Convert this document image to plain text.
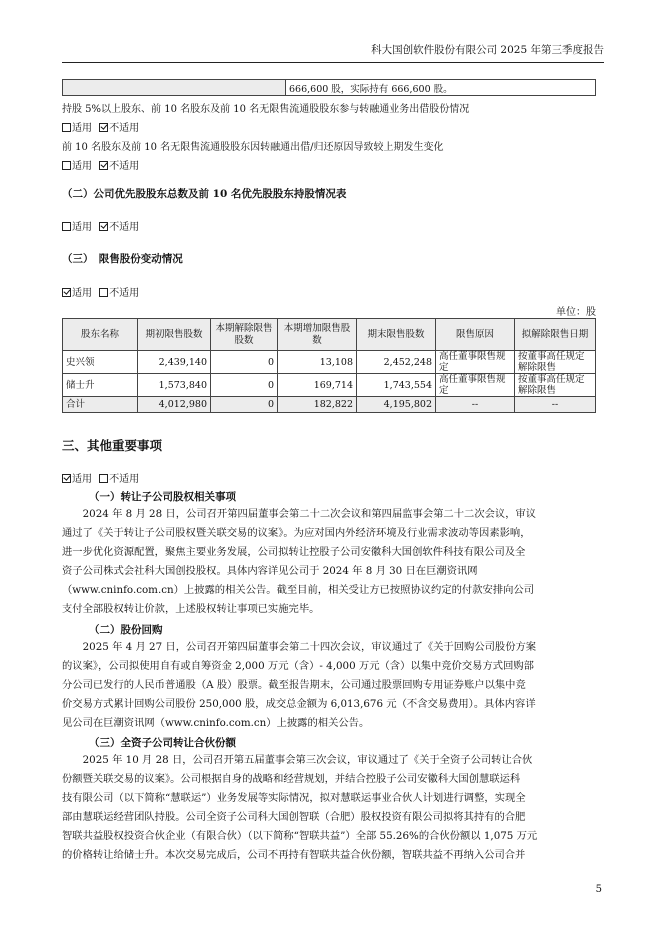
科大国创软件股份有限公司 2025 年第三季度报告
	666,600 股，实际持有 666,600 股。
持股 5%以上股东、前 10 名股东及前 10 名无限售流通股股东参与转融通业务出借股份情况
适用 不适用
前 10 名股东及前 10 名无限售流通股股东因转融通出借/归还原因导致较上期发生变化
适用 不适用
（二）公司优先股股东总数及前 10 名优先股股东持股情况表
适用 不适用
（三）　限售股份变动情况
适用 不适用
单位：股
股东名称	期初限售股数	本期解除限售股数	本期增加限售股数	期末限售股数	限售原因	拟解除限售日期
史兴领	2,439,140	0	13,108	2,452,248	高任董事限售规定	按董事高任规定解除限售
储士升	1,573,840	0	169,714	1,743,554	高任董事限售规定	按董事高任规定解除限售
合计	4,012,980	0	182,822	4,195,802	--	--
三、其他重要事项
适用 不适用
（一）转让子公司股权相关事项
2024 年 8 月 28 日，公司召开第四届董事会第二十二次会议和第四届监事会第二十二次会议，审议
通过了《关于转让子公司股权暨关联交易的议案》。为应对国内外经济环境及行业需求波动等因素影响，
进一步优化资源配置，聚焦主要业务发展，公司拟转让控股子公司安徽科大国创软件科技有限公司及全
资子公司株式会社科大国创投股权。具体内容详见公司于 2024 年 8 月 30 日在巨潮资讯网
（www.cninfo.com.cn）上披露的相关公告。截至目前，相关受让方已按照协议约定的付款安排向公司
支付全部股权转让价款，上述股权转让事项已实施完毕。
（二）股份回购
2025 年 4 月 27 日，公司召开第四届董事会第二十四次会议，审议通过了《关于回购公司股份方案
的议案》，公司拟使用自有或自筹资金 2,000 万元（含）- 4,000 万元（含）以集中竞价交易方式回购部
分公司已发行的人民币普通股（A 股）股票。截至报告期末，公司通过股票回购专用证券账户以集中竞
价交易方式累计回购公司股份 250,000 股，成交总金额为 6,013,676 元（不含交易费用）。具体内容详
见公司在巨潮资讯网（www.cninfo.com.cn）上披露的相关公告。
（三）全资子公司转让合伙份额
2025 年 10 月 28 日，公司召开第五届董事会第三次会议，审议通过了《关于全资子公司转让合伙
份额暨关联交易的议案》。公司根据自身的战略和经营规划，并结合控股子公司安徽科大国创慧联运科
技有限公司（以下简称“慧联运”）业务发展等实际情况，拟对慧联运事业合伙人计划进行调整，实现全
部由慧联运经营团队持股。公司全资子公司科大国创智联（合肥）股权投资有限公司拟将其持有的合肥
智联共益股权投资合伙企业（有限合伙）（以下简称“智联共益”）全部 55.26%的合伙份额以 1,075 万元
的价格转让给储士升。本次交易完成后，公司不再持有智联共益合伙份额，智联共益不再纳入公司合并
5
